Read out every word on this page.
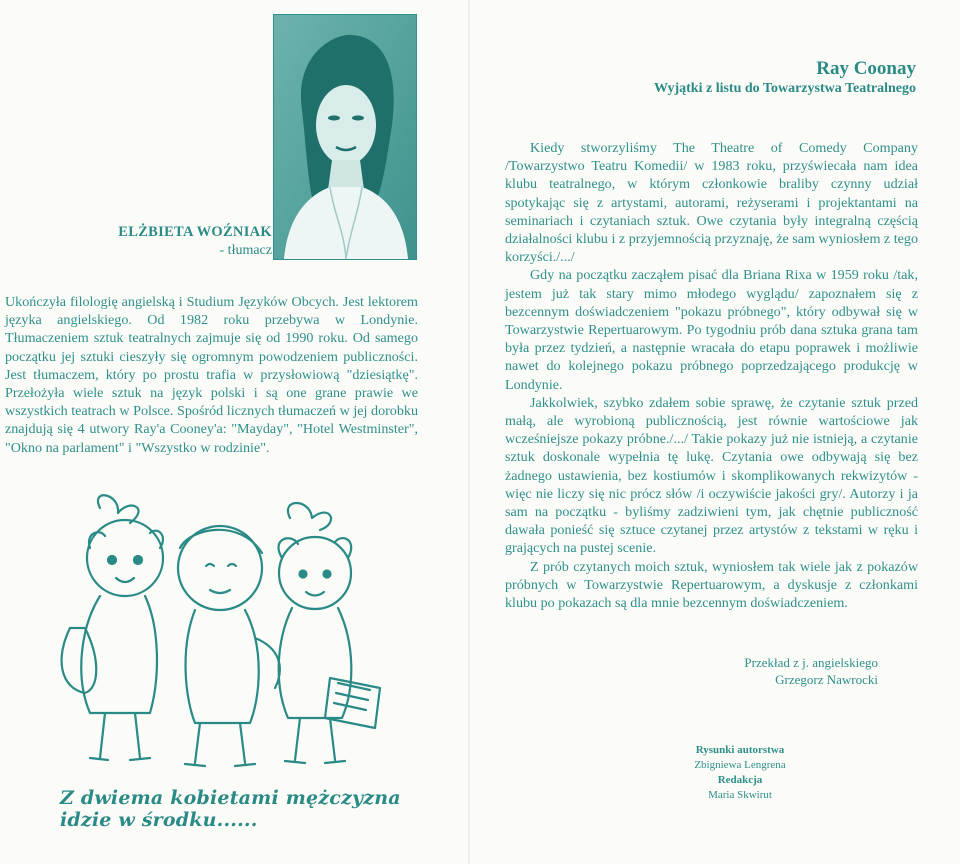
ELŻBIETA WOŹNIAK
- tłumacz

Ukończyła filologię angielską i Studium Języków Obcych. Jest lektorem języka angielskiego. Od 1982 roku przebywa w Londynie. Tłumaczeniem sztuk teatralnych zajmuje się od 1990 roku. Od samego początku jej sztuki cieszyły się ogromnym powodzeniem publiczności. Jest tłumaczem, który po prostu trafia w przysłowiową "dziesiątkę". Przełożyła wiele sztuk na język polski i są one grane prawie we wszystkich teatrach w Polsce. Spośród licznych tłumaczeń w jej dorobku znajdują się 4 utwory Ray'a Cooney'a: "Mayday", "Hotel Westminster", "Okno na parlament" i "Wszystko w rodzinie".

Z dwiema kobietami mężczyzna idzie w środku......
Ray Coonay
Wyjątki z listu do Towarzystwa Teatralnego

Kiedy stworzyliśmy The Theatre of Comedy Company /Towarzystwo Teatru Komedii/ w 1983 roku, przyświecała nam idea klubu teatralnego, w którym członkowie braliby czynny udział spotykając się z artystami, autorami, reżyserami i projektantami na seminariach i czytaniach sztuk. Owe czytania były integralną częścią działalności klubu i z przyjemnością przyznaję, że sam wyniosłem z tego korzyści./.../

Gdy na początku zacząłem pisać dla Briana Rixa w 1959 roku /tak, jestem już tak stary mimo młodego wyglądu/ zapoznałem się z bezcennym doświadczeniem "pokazu próbnego", który odbywał się w Towarzystwie Repertuarowym. Po tygodniu prób dana sztuka grana tam była przez tydzień, a następnie wracała do etapu poprawek i możliwie nawet do kolejnego pokazu próbnego poprzedzającego produkcję w Londynie.

Jakkolwiek, szybko zdałem sobie sprawę, że czytanie sztuk przed małą, ale wyrobioną publicznością, jest równie wartościowe jak wcześniejsze pokazy próbne./.../ Takie pokazy już nie istnieją, a czytanie sztuk doskonale wypełnia tę lukę. Czytania owe odbywają się bez żadnego ustawienia, bez kostiumów i skomplikowanych rekwizytów - więc nie liczy się nic prócz słów /i oczywiście jakości gry/. Autorzy i ja sam na początku - byliśmy zadziwieni tym, jak chętnie publiczność dawała ponieść się sztuce czytanej przez artystów z tekstami w ręku i grających na pustej scenie.

Z prób czytanych moich sztuk, wyniosłem tak wiele jak z pokazów próbnych w Towarzystwie Repertuarowym, a dyskusje z członkami klubu po pokazach są dla mnie bezcennym doświadczeniem.

Przekład z j. angielskiego
Grzegorz Nawrocki
Rysunki autorstwa
Zbigniewa Lengrena
Redakcja
Maria Skwirut
